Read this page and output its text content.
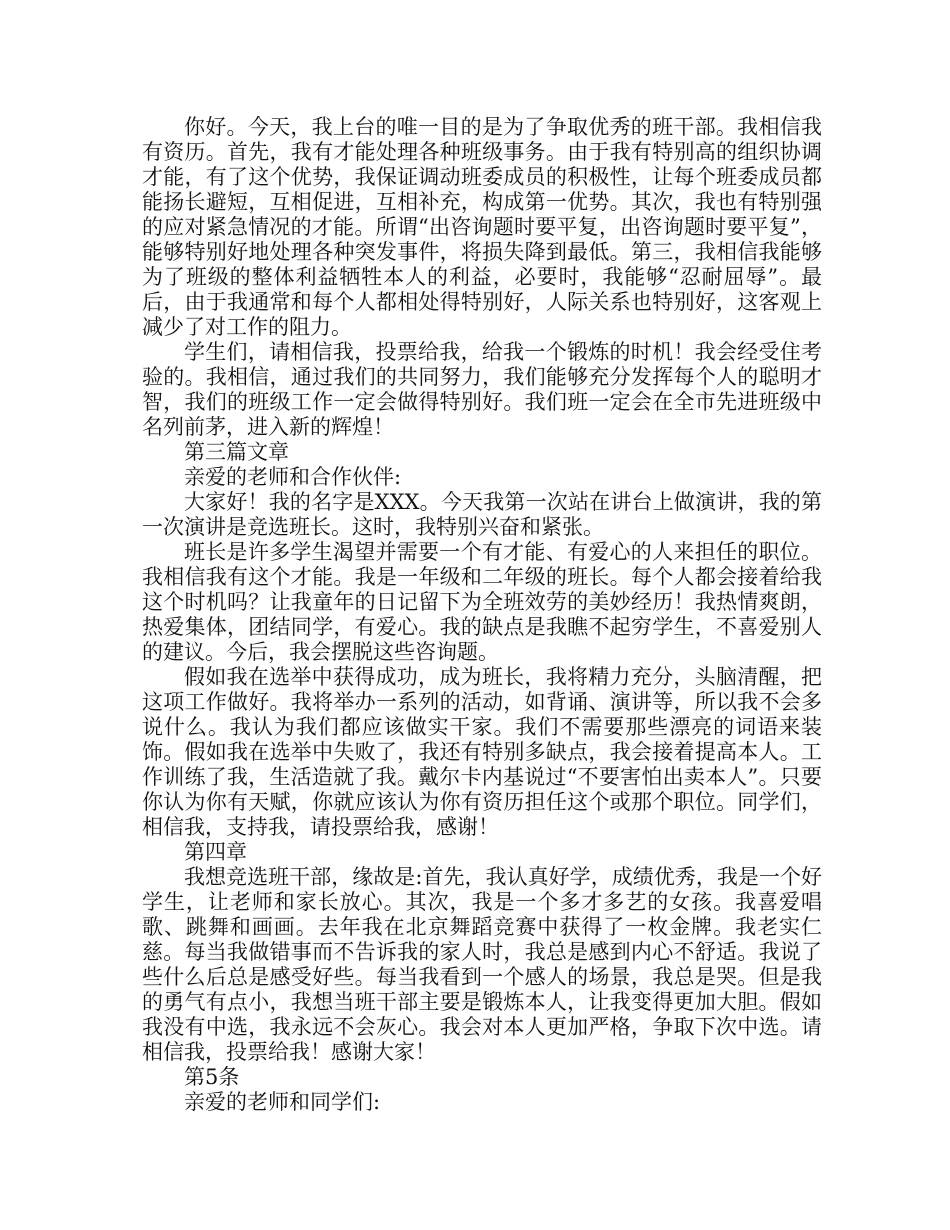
你好。今天，我上台的唯一目的是为了争取优秀的班干部。我相信我有资历。首先，我有才能处理各种班级事务。由于我有特别高的组织协调才能，有了这个优势，我保证调动班委成员的积极性，让每个班委成员都能扬长避短，互相促进，互相补充，构成第一优势。其次，我也有特别强的应对紧急情况的才能。所谓“出咨询题时要平复，出咨询题时要平复”，能够特别好地处理各种突发事件，将损失降到最低。第三，我相信我能够为了班级的整体利益牺牲本人的利益，必要时，我能够“忍耐屈辱”。最后，由于我通常和每个人都相处得特别好，人际关系也特别好，这客观上减少了对工作的阻力。

学生们，请相信我，投票给我，给我一个锻炼的时机！我会经受住考验的。我相信，通过我们的共同努力，我们能够充分发挥每个人的聪明才智，我们的班级工作一定会做得特别好。我们班一定会在全市先进班级中名列前茅，进入新的辉煌！

第三篇文章

亲爱的老师和合作伙伴:

大家好！我的名字是XXX。今天我第一次站在讲台上做演讲，我的第一次演讲是竞选班长。这时，我特别兴奋和紧张。

班长是许多学生渴望并需要一个有才能、有爱心的人来担任的职位。我相信我有这个才能。我是一年级和二年级的班长。每个人都会接着给我这个时机吗？让我童年的日记留下为全班效劳的美妙经历！我热情爽朗，热爱集体，团结同学，有爱心。我的缺点是我瞧不起穷学生，不喜爱别人的建议。今后，我会摆脱这些咨询题。

假如我在选举中获得成功，成为班长，我将精力充分，头脑清醒，把这项工作做好。我将举办一系列的活动，如背诵、演讲等，所以我不会多说什么。我认为我们都应该做实干家。我们不需要那些漂亮的词语来装饰。假如我在选举中失败了，我还有特别多缺点，我会接着提高本人。工作训练了我，生活造就了我。戴尔卡内基说过“不要害怕出卖本人”。只要你认为你有天赋，你就应该认为你有资历担任这个或那个职位。同学们，相信我，支持我，请投票给我，感谢！

第四章

我想竞选班干部，缘故是:首先，我认真好学，成绩优秀，我是一个好学生，让老师和家长放心。其次，我是一个多才多艺的女孩。我喜爱唱歌、跳舞和画画。去年我在北京舞蹈竞赛中获得了一枚金牌。我老实仁慈。每当我做错事而不告诉我的家人时，我总是感到内心不舒适。我说了些什么后总是感受好些。每当我看到一个感人的场景，我总是哭。但是我的勇气有点小，我想当班干部主要是锻炼本人，让我变得更加大胆。假如我没有中选，我永远不会灰心。我会对本人更加严格，争取下次中选。请相信我，投票给我！感谢大家！

第5条

亲爱的老师和同学们:
